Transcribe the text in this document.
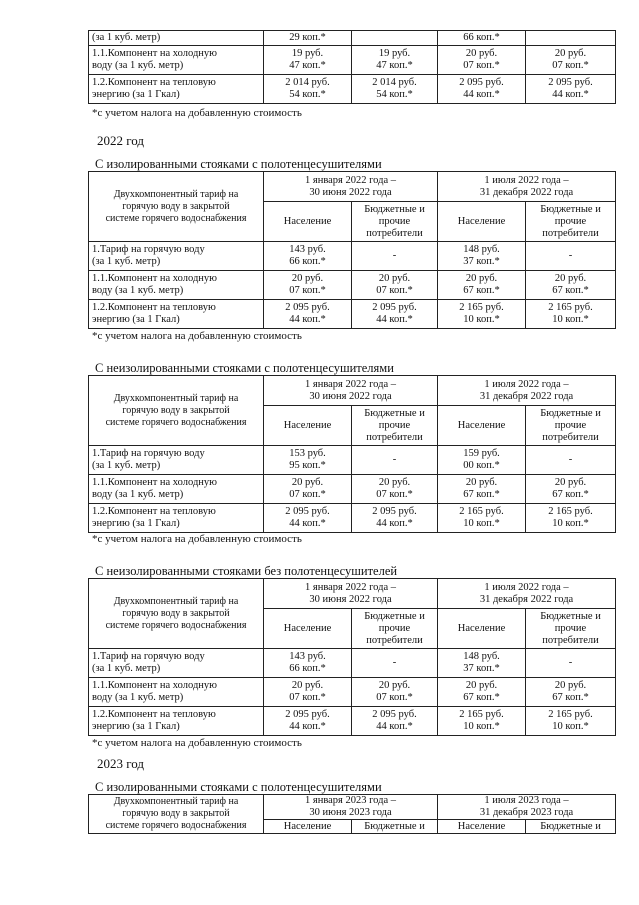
(за 1 куб. метр)	29 коп.*		66 коп.*	

1.1.Компонент на холодную
воду (за 1 куб. метр)	19 руб.
47 коп.*	19 руб.
47 коп.*	20 руб.
07 коп.*	20 руб.
07 коп.*

1.2.Компонент на тепловую
энергию (за 1 Гкал)	2 014 руб.
54 коп.*	2 014 руб.
54 коп.*	2 095 руб.
44 коп.*	2 095 руб.
44 коп.*
*с учетом налога на добавленную стоимость
2022 год
С изолированными стояками с полотенцесушителями
Двухкомпонентный тариф на
горячую воду в закрытой
системе горячего водоснабжения	1 января 2022 года –
30 июня 2022 года		1 июля 2022 года –
31 декабря 2022 года	

	Население	Бюджетные и
прочие
потребители	Население	Бюджетные и
прочие
потребители

1.Тариф на горячую воду
(за 1 куб. метр)	143 руб.
66 коп.*	-	148 руб.
37 коп.*	-

1.1.Компонент на холодную
воду (за 1 куб. метр)	20 руб.
07 коп.*	20 руб.
07 коп.*	20 руб.
67 коп.*	20 руб.
67 коп.*

1.2.Компонент на тепловую
энергию (за 1 Гкал)	2 095 руб.
44 коп.*	2 095 руб.
44 коп.*	2 165 руб.
10 коп.*	2 165 руб.
10 коп.*
*с учетом налога на добавленную стоимость
С неизолированными стояками с полотенцесушителями
Двухкомпонентный тариф на
горячую воду в закрытой
системе горячего водоснабжения	1 января 2022 года –
30 июня 2022 года		1 июля 2022 года –
31 декабря 2022 года	

	Население	Бюджетные и
прочие
потребители	Население	Бюджетные и
прочие
потребители

1.Тариф на горячую воду
(за 1 куб. метр)	153 руб.
95 коп.*	-	159 руб.
00 коп.*	-

1.1.Компонент на холодную
воду (за 1 куб. метр)	20 руб.
07 коп.*	20 руб.
07 коп.*	20 руб.
67 коп.*	20 руб.
67 коп.*

1.2.Компонент на тепловую
энергию (за 1 Гкал)	2 095 руб.
44 коп.*	2 095 руб.
44 коп.*	2 165 руб.
10 коп.*	2 165 руб.
10 коп.*
*с учетом налога на добавленную стоимость
С неизолированными стояками без полотенцесушителей
Двухкомпонентный тариф на
горячую воду в закрытой
системе горячего водоснабжения	1 января 2022 года –
30 июня 2022 года		1 июля 2022 года –
31 декабря 2022 года	

	Население	Бюджетные и
прочие
потребители	Население	Бюджетные и
прочие
потребители

1.Тариф на горячую воду
(за 1 куб. метр)	143 руб.
66 коп.*	-	148 руб.
37 коп.*	-

1.1.Компонент на холодную
воду (за 1 куб. метр)	20 руб.
07 коп.*	20 руб.
07 коп.*	20 руб.
67 коп.*	20 руб.
67 коп.*

1.2.Компонент на тепловую
энергию (за 1 Гкал)	2 095 руб.
44 коп.*	2 095 руб.
44 коп.*	2 165 руб.
10 коп.*	2 165 руб.
10 коп.*
*с учетом налога на добавленную стоимость
2023 год
С изолированными стояками с полотенцесушителями
Двухкомпонентный тариф на
горячую воду в закрытой
системе горячего водоснабжения	1 января 2023 года –
30 июня 2023 года		1 июля 2023 года –
31 декабря 2023 года	

	Население	Бюджетные и	Население	Бюджетные и
